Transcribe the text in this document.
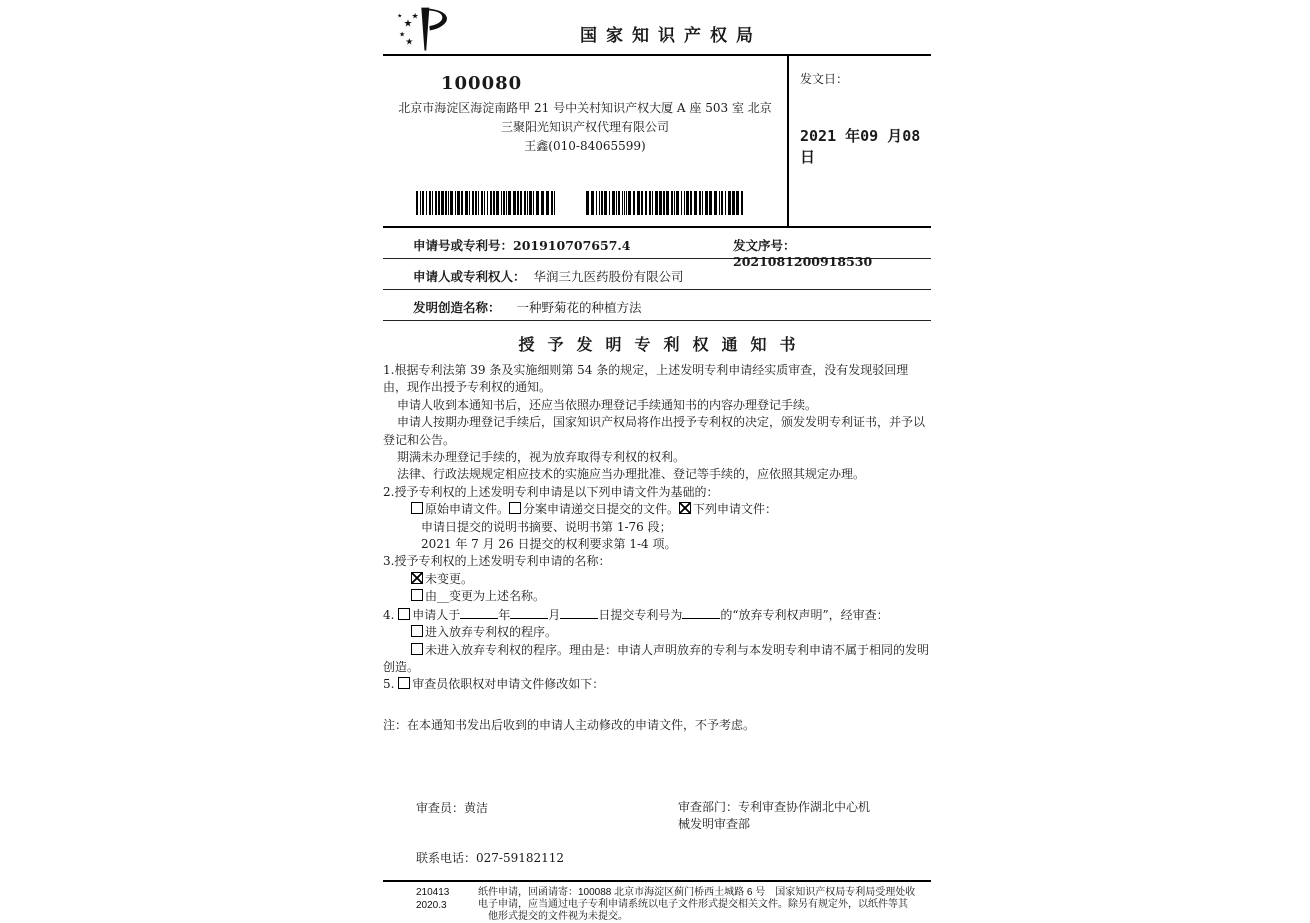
★
★
★
★
★
国家知识产权局
100080
北京市海淀区海淀南路甲 21 号中关村知识产权大厦 A 座 503 室 北京
三聚阳光知识产权代理有限公司
王鑫(010-84065599)
发文日：
2021 年09 月08 日
申请号或专利号：201910707657.4	发文序号：2021081200918530
申请人或专利权人： 华润三九医药股份有限公司
发明创造名称： 一种野菊花的种植方法
授予发明专利权通知书
1.根据专利法第 39 条及实施细则第 54 条的规定，上述发明专利申请经实质审查，没有发现驳回理由，现作出授予专利权的通知。
申请人收到本通知书后，还应当依照办理登记手续通知书的内容办理登记手续。
申请人按期办理登记手续后，国家知识产权局将作出授予专利权的决定，颁发发明专利证书，并予以登记和公告。
期满未办理登记手续的，视为放弃取得专利权的权利。
法律、行政法规规定相应技术的实施应当办理批准、登记等手续的，应依照其规定办理。
2.授予专利权的上述发明专利申请是以下列申请文件为基础的：
原始申请文件。 分案申请递交日提交的文件。 下列申请文件：
申请日提交的说明书摘要、说明书第 1-76 段；
2021 年 7 月 26 日提交的权利要求第 1-4 项。
3.授予专利权的上述发明专利申请的名称：
未变更。
由__变更为上述名称。
4. 申请人于	年	月	日提交专利号为	的“放弃专利权声明”，经审查：
进入放弃专利权的程序。
未进入放弃专利权的程序。理由是：申请人声明放弃的专利与本发明专利申请不属于相同的发明创造。
5. 审查员依职权对申请文件修改如下：
注：在本通知书发出后收到的申请人主动修改的申请文件，不予考虑。
审查员：黄洁	审查部门：专利审查协作湖北中心机械发明审查部
联系电话：027-59182112
210413
2020.3
纸件申请，回函请寄：100088 北京市海淀区蓟门桥西土城路 6 号　国家知识产权局专利局受理处收
电子申请，应当通过电子专利申请系统以电子文件形式提交相关文件。除另有规定外，以纸件等其他形式提交的文件视为未提交。
